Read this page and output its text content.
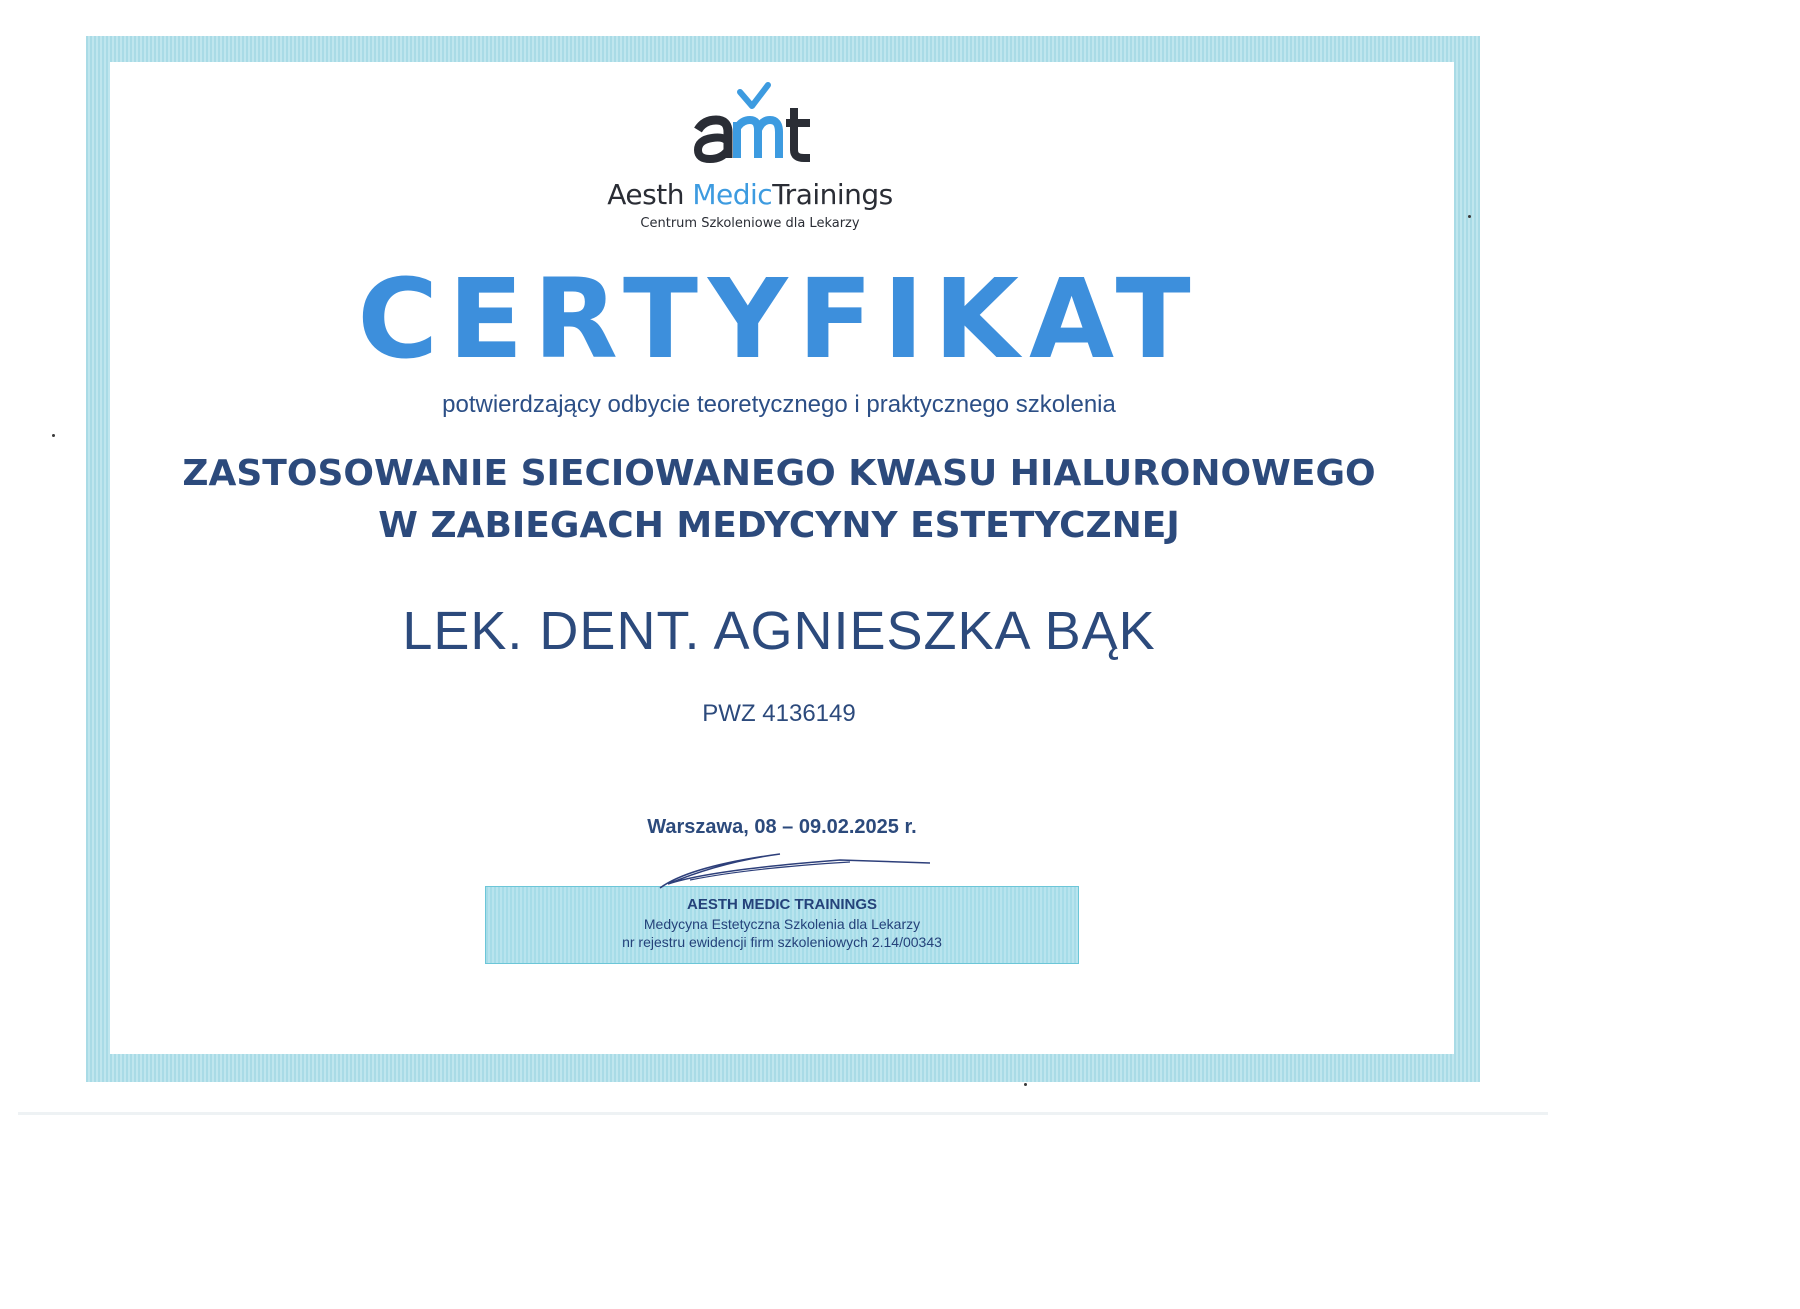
Aesth MedicTrainings
Centrum Szkoleniowe dla Lekarzy
CERTYFIKAT
potwierdzający odbycie teoretycznego i praktycznego szkolenia
ZASTOSOWANIE SIECIOWANEGO KWASU HIALURONOWEGO
W ZABIEGACH MEDYCYNY ESTETYCZNEJ
LEK. DENT. AGNIESZKA BĄK
PWZ 4136149
Warszawa, 08 – 09.02.2025 r.
AESTH MEDIC TRAININGS
Medycyna Estetyczna Szkolenia dla Lekarzy
nr rejestru ewidencji firm szkoleniowych 2.14/00343
